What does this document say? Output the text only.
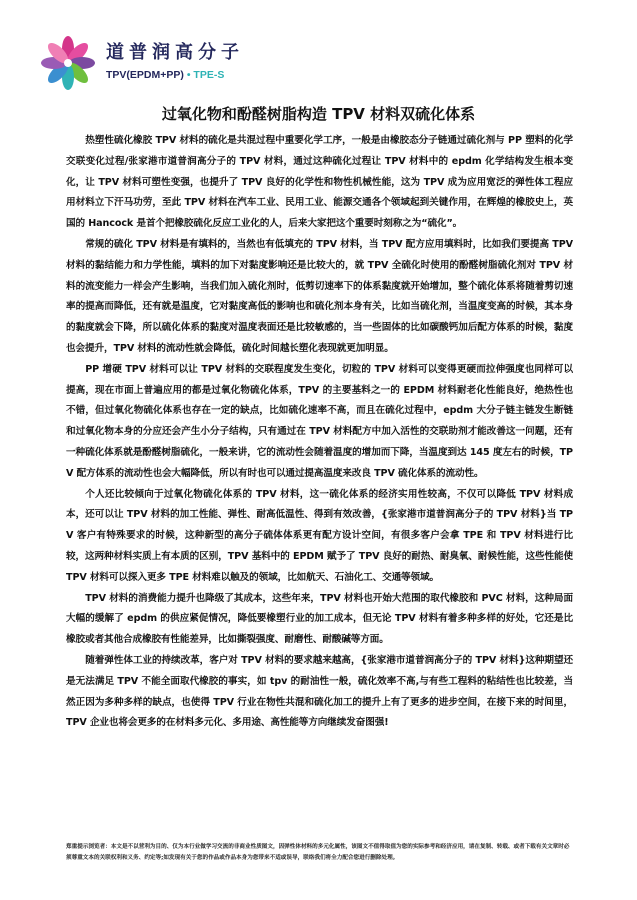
道普润高分子
TPV(EPDM+PP) • TPE-S
过氧化物和酚醛树脂构造 TPV 材料双硫化体系

热塑性硫化橡胶 TPV 材料的硫化是共混过程中重要化学工序，一般是由橡胶态分子链通过硫化剂与 PP 塑料的化学交联变化过程/张家港市道普润高分子的 TPV 材料，通过这种硫化过程让 TPV 材料中的 epdm 化学结构发生根本变化，让 TPV 材料可塑性变强，也提升了 TPV 良好的化学性和物性机械性能，这为 TPV 成为应用宽泛的弹性体工程应用材料立下汗马功劳，至此 TPV 材料在汽车工业、民用工业、能源交通各个领域起到关键作用，在辉煌的橡胶史上，英国的 Hancock 是首个把橡胶硫化反应工业化的人，后来大家把这个重要时刻称之为“硫化”。

常规的硫化 TPV 材料是有填料的，当然也有低填充的 TPV 材料，当 TPV 配方应用填料时，比如我们要提高 TPV 材料的黏结能力和力学性能，填料的加下对黏度影响还是比较大的，就 TPV 全硫化时使用的酚醛树脂硫化剂对 TPV 材料的流变能力一样会产生影响，当我们加入硫化剂时，低剪切速率下的体系黏度就开始增加，整个硫化体系将随着剪切速率的提高而降低，还有就是温度，它对黏度高低的影响也和硫化剂本身有关，比如当硫化剂，当温度变高的时候，其本身的黏度就会下降，所以硫化体系的黏度对温度表面还是比较敏感的，当一些固体的比如碳酸钙加后配方体系的时候，黏度也会提升，TPV 材料的流动性就会降低，硫化时间越长塑化表现就更加明显。

PP 增硬 TPV 材料可以让 TPV 材料的交联程度发生变化，切粒的 TPV 材料可以变得更硬而拉伸强度也同样可以提高，现在市面上普遍应用的都是过氧化物硫化体系，TPV 的主要基料之一的 EPDM 材料耐老化性能良好，绝热性也不错，但过氧化物硫化体系也存在一定的缺点，比如硫化速率不高，而且在硫化过程中，epdm 大分子链主链发生断链和过氧化物本身的分应还会产生小分子结构，只有通过在 TPV 材料配方中加入活性的交联助剂才能改善这一问题，还有一种硫化体系就是酚醛树脂硫化，一般来讲，它的流动性会随着温度的增加而下降，当温度到达 145 度左右的时候，TPV 配方体系的流动性也会大幅降低，所以有时也可以通过提高温度来改良 TPV 硫化体系的流动性。

个人还比较倾向于过氧化物硫化体系的 TPV 材料，这一硫化体系的经济实用性较高，不仅可以降低 TPV 材料成本，还可以让 TPV 材料的加工性能、弹性、耐高低温性、得到有效改善，{张家港市道普润高分子的 TPV 材料}当 TPV 客户有特殊要求的时候，这种新型的高分子硫体体系更有配方设计空间，有很多客户会拿 TPE 和 TPV 材料进行比较，这两种材料实质上有本质的区别，TPV 基料中的 EPDM 赋予了 TPV 良好的耐热、耐臭氧、耐候性能，这些性能使 TPV 材料可以探入更多 TPE 材料难以触及的领域，比如航天、石油化工、交通等领域。

TPV 材料的消费能力提升也降级了其成本，这些年来，TPV 材料也开始大范围的取代橡胶和 PVC 材料，这种局面大幅的缓解了 epdm 的供应紧促情况，降低要橡塑行业的加工成本，但无论 TPV 材料有着多种多样的好处，它还是比橡胶或者其他合成橡胶有性能差异，比如撕裂强度、耐磨性、耐酸碱等方面。

随着弹性体工业的持续改革，客户对 TPV 材料的要求越来越高，{张家港市道普润高分子的 TPV 材料}这种期望还是无法满足 TPV 不能全面取代橡胶的事实，如 tpv 的耐油性一般，硫化效率不高,与有些工程料的粘结性也比较差，当然正因为多种多样的缺点，也使得 TPV 行业在物性共混和硫化加工的提升上有了更多的进步空间，在接下来的时间里，TPV 企业也将会更多的在材料多元化、多用途、高性能等方向继续发奋图强!

郑重提示浏览者：本文是不以营利为目的、仅为本行业做学习交流的非商业性质图文，因弹性体材料的多元化属性，该图文不值得取值为您的实际参考和经济应用，请在复制、转载、或者下载有关文章时必须尊重文本的关联权利和义务、约定等;如发现有关于您的作品或作品本身为您带来不适或误导，联络我们将全力配合您进行删除处理。
